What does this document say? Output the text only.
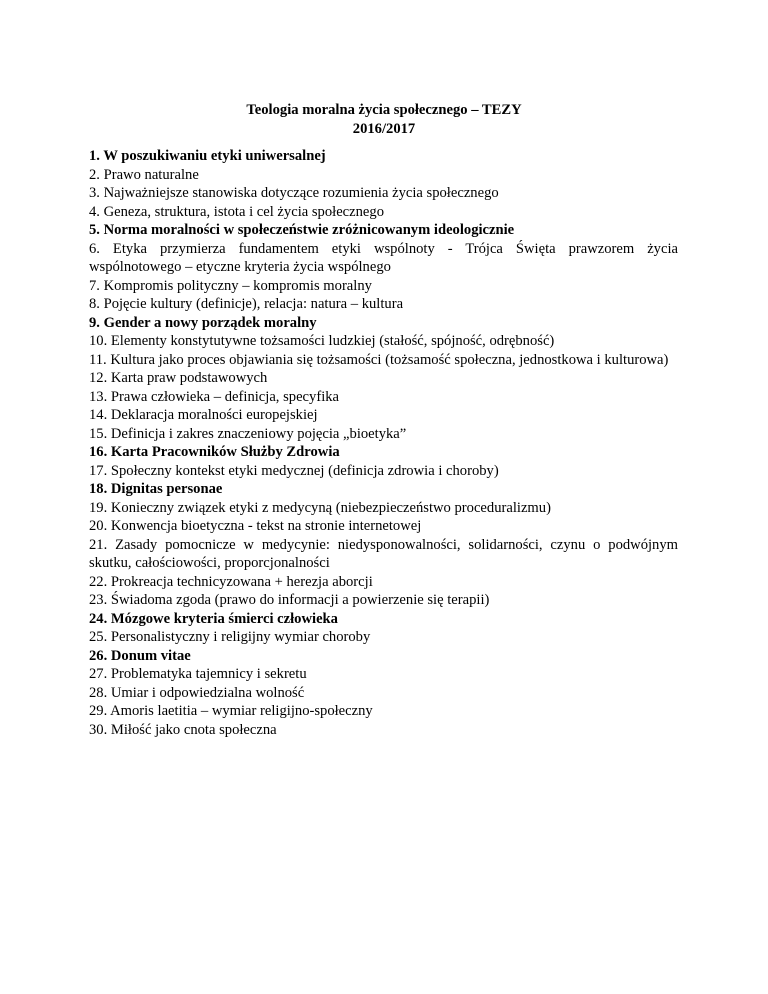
Teologia moralna życia społecznego – TEZY
2016/2017
1. W poszukiwaniu etyki uniwersalnej
2. Prawo naturalne
3. Najważniejsze stanowiska dotyczące rozumienia życia społecznego
4. Geneza, struktura, istota i cel życia społecznego
5. Norma moralności w społeczeństwie zróżnicowanym ideologicznie
6. Etyka przymierza fundamentem etyki wspólnoty - Trójca Święta prawzorem życia wspólnotowego – etyczne kryteria życia wspólnego
7. Kompromis polityczny – kompromis moralny
8. Pojęcie kultury (definicje), relacja: natura – kultura
9. Gender a nowy porządek moralny
10. Elementy konstytutywne tożsamości ludzkiej (stałość, spójność, odrębność)
11. Kultura jako proces objawiania się tożsamości (tożsamość społeczna, jednostkowa i kulturowa)
12. Karta praw podstawowych
13. Prawa człowieka – definicja, specyfika
14. Deklaracja moralności europejskiej
15. Definicja i zakres znaczeniowy pojęcia „bioetyka”
16. Karta Pracowników Służby Zdrowia
17. Społeczny kontekst etyki medycznej (definicja zdrowia i choroby)
18. Dignitas personae
19. Konieczny związek etyki z medycyną (niebezpieczeństwo proceduralizmu)
20. Konwencja bioetyczna - tekst na stronie internetowej
21. Zasady pomocnicze w medycynie: niedysponowalności, solidarności, czynu o podwójnym skutku, całościowości, proporcjonalności
22. Prokreacja technicyzowana + herezja aborcji
23. Świadoma zgoda (prawo do informacji a powierzenie się terapii)
24. Mózgowe kryteria śmierci człowieka
25. Personalistyczny i religijny wymiar choroby
26. Donum vitae
27. Problematyka tajemnicy i sekretu
28. Umiar i odpowiedzialna wolność
29. Amoris laetitia – wymiar religijno-społeczny
30. Miłość jako cnota społeczna
